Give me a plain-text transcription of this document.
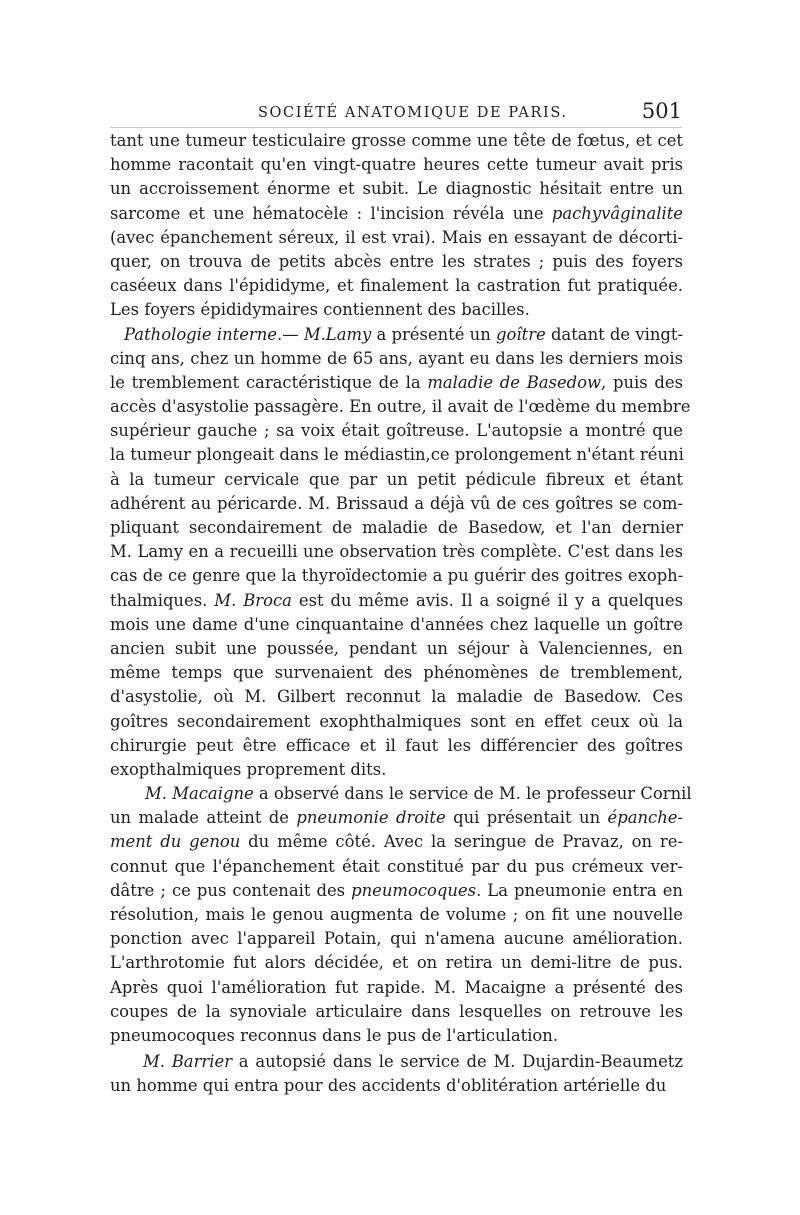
SOCIÉTÉ ANATOMIQUE DE PARIS.	501
tant une tumeur testiculaire grosse comme une tête de fœtus, et cet
homme racontait qu'en vingt-quatre heures cette tumeur avait pris
un accroissement énorme et subit. Le diagnostic hésitait entre un
sarcome et une hématocèle : l'incision révéla une pachyvâginalite
(avec épanchement séreux, il est vrai). Mais en essayant de décorti-
quer, on trouva de petits abcès entre les strates ; puis des foyers
caséeux dans l'épididyme, et finalement la castration fut pratiquée.
Les foyers épididymaires contiennent des bacilles.
Pathologie interne.— M.Lamy a présenté un goître datant de vingt-
cinq ans, chez un homme de 65 ans, ayant eu dans les derniers mois
le tremblement caractéristique de la maladie de Basedow, puis des
accès d'asystolie passagère. En outre, il avait de l'œdème du membre
supérieur gauche ; sa voix était goîtreuse. L'autopsie a montré que
la tumeur plongeait dans le médiastin,ce prolongement n'étant réuni
à la tumeur cervicale que par un petit pédicule fibreux et étant
adhérent au péricarde. M. Brissaud a déjà vû de ces goîtres se com-
pliquant secondairement de maladie de Basedow, et l'an dernier
M. Lamy en a recueilli une observation très complète. C'est dans les
cas de ce genre que la thyroïdectomie a pu guérir des goitres exoph-
thalmiques. M. Broca est du même avis. Il a soigné il y a quelques
mois une dame d'une cinquantaine d'années chez laquelle un goître
ancien subit une poussée, pendant un séjour à Valenciennes, en
même temps que survenaient des phénomènes de tremblement,
d'asystolie, où M. Gilbert reconnut la maladie de Basedow. Ces
goîtres secondairement exophthalmiques sont en effet ceux où la
chirurgie peut être efficace et il faut les différencier des goîtres
exopthalmiques proprement dits.
M. Macaigne a observé dans le service de M. le professeur Cornil
un malade atteint de pneumonie droite qui présentait un épanche-
ment du genou du même côté. Avec la seringue de Pravaz, on re-
connut que l'épanchement était constitué par du pus crémeux ver-
dâtre ; ce pus contenait des pneumocoques. La pneumonie entra en
résolution, mais le genou augmenta de volume ; on fit une nouvelle
ponction avec l'appareil Potain, qui n'amena aucune amélioration.
L'arthrotomie fut alors décidée, et on retira un demi-litre de pus.
Après quoi l'amélioration fut rapide. M. Macaigne a présenté des
coupes de la synoviale articulaire dans lesquelles on retrouve les
pneumocoques reconnus dans le pus de l'articulation.
M. Barrier a autopsié dans le service de M. Dujardin-Beaumetz
un homme qui entra pour des accidents d'oblitération artérielle du
